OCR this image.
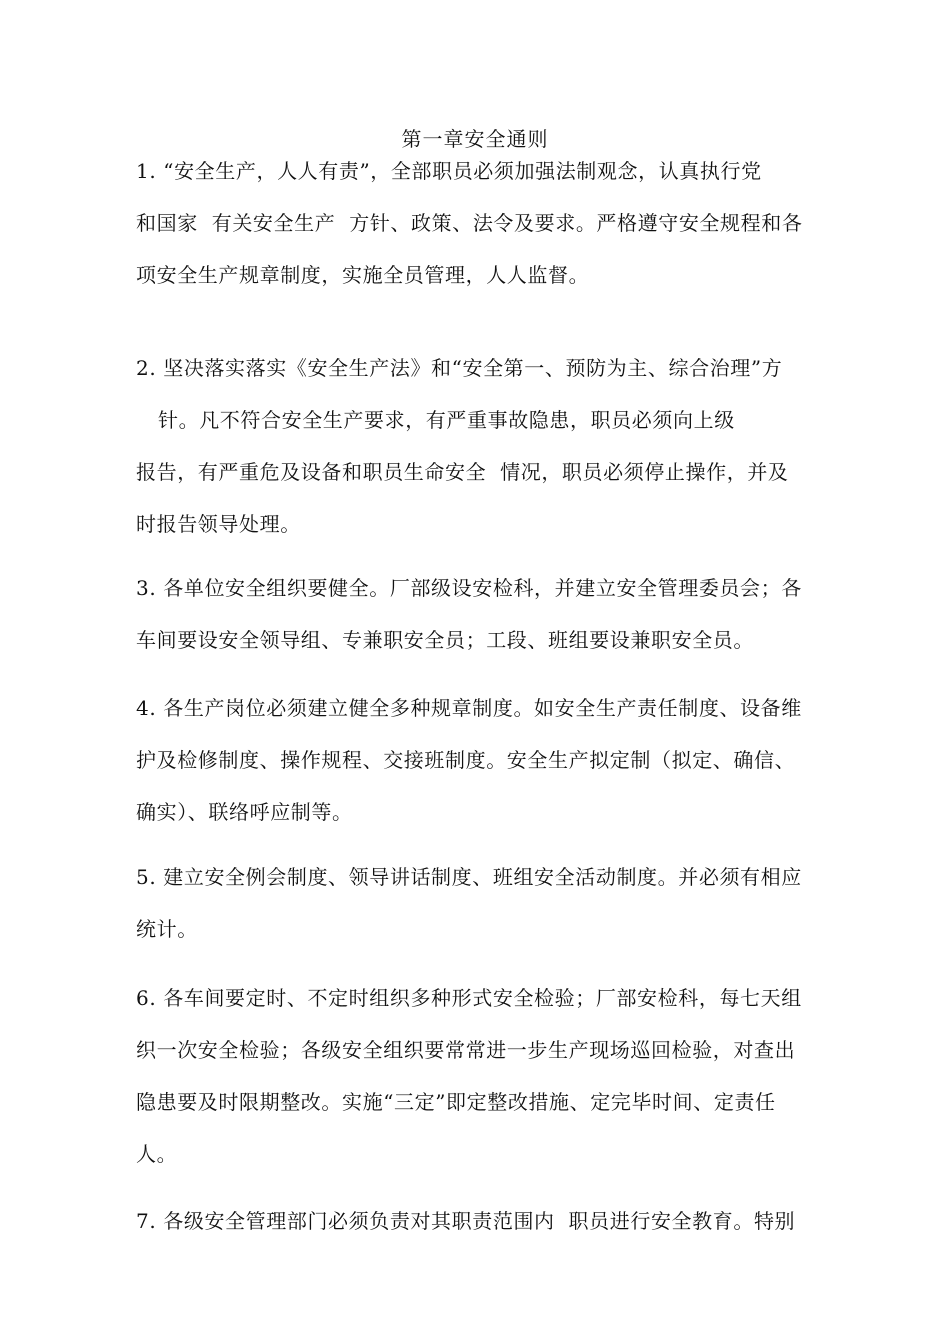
第一章安全通则
1. “安全生产，人人有责”，全部职员必须加强法制观念，认真执行党
和国家  有关安全生产  方针、政策、法令及要求。严格遵守安全规程和各
项安全生产规章制度，实施全员管理，人人监督。
2. 坚决落实落实《安全生产法》和“安全第一、预防为主、综合治理”方
针。凡不符合安全生产要求，有严重事故隐患，职员必须向上级
报告，有严重危及设备和职员生命安全  情况，职员必须停止操作，并及
时报告领导处理。
3. 各单位安全组织要健全。厂部级设安检科，并建立安全管理委员会；各
车间要设安全领导组、专兼职安全员；工段、班组要设兼职安全员。
4. 各生产岗位必须建立健全多种规章制度。如安全生产责任制度、设备维
护及检修制度、操作规程、交接班制度。安全生产拟定制（拟定、确信、
确实）、联络呼应制等。
5. 建立安全例会制度、领导讲话制度、班组安全活动制度。并必须有相应
统计。
6. 各车间要定时、不定时组织多种形式安全检验；厂部安检科，每七天组
织一次安全检验；各级安全组织要常常进一步生产现场巡回检验，对查出
隐患要及时限期整改。实施“三定”即定整改措施、定完毕时间、定责任
人。
7. 各级安全管理部门必须负责对其职责范围内  职员进行安全教育。特别
